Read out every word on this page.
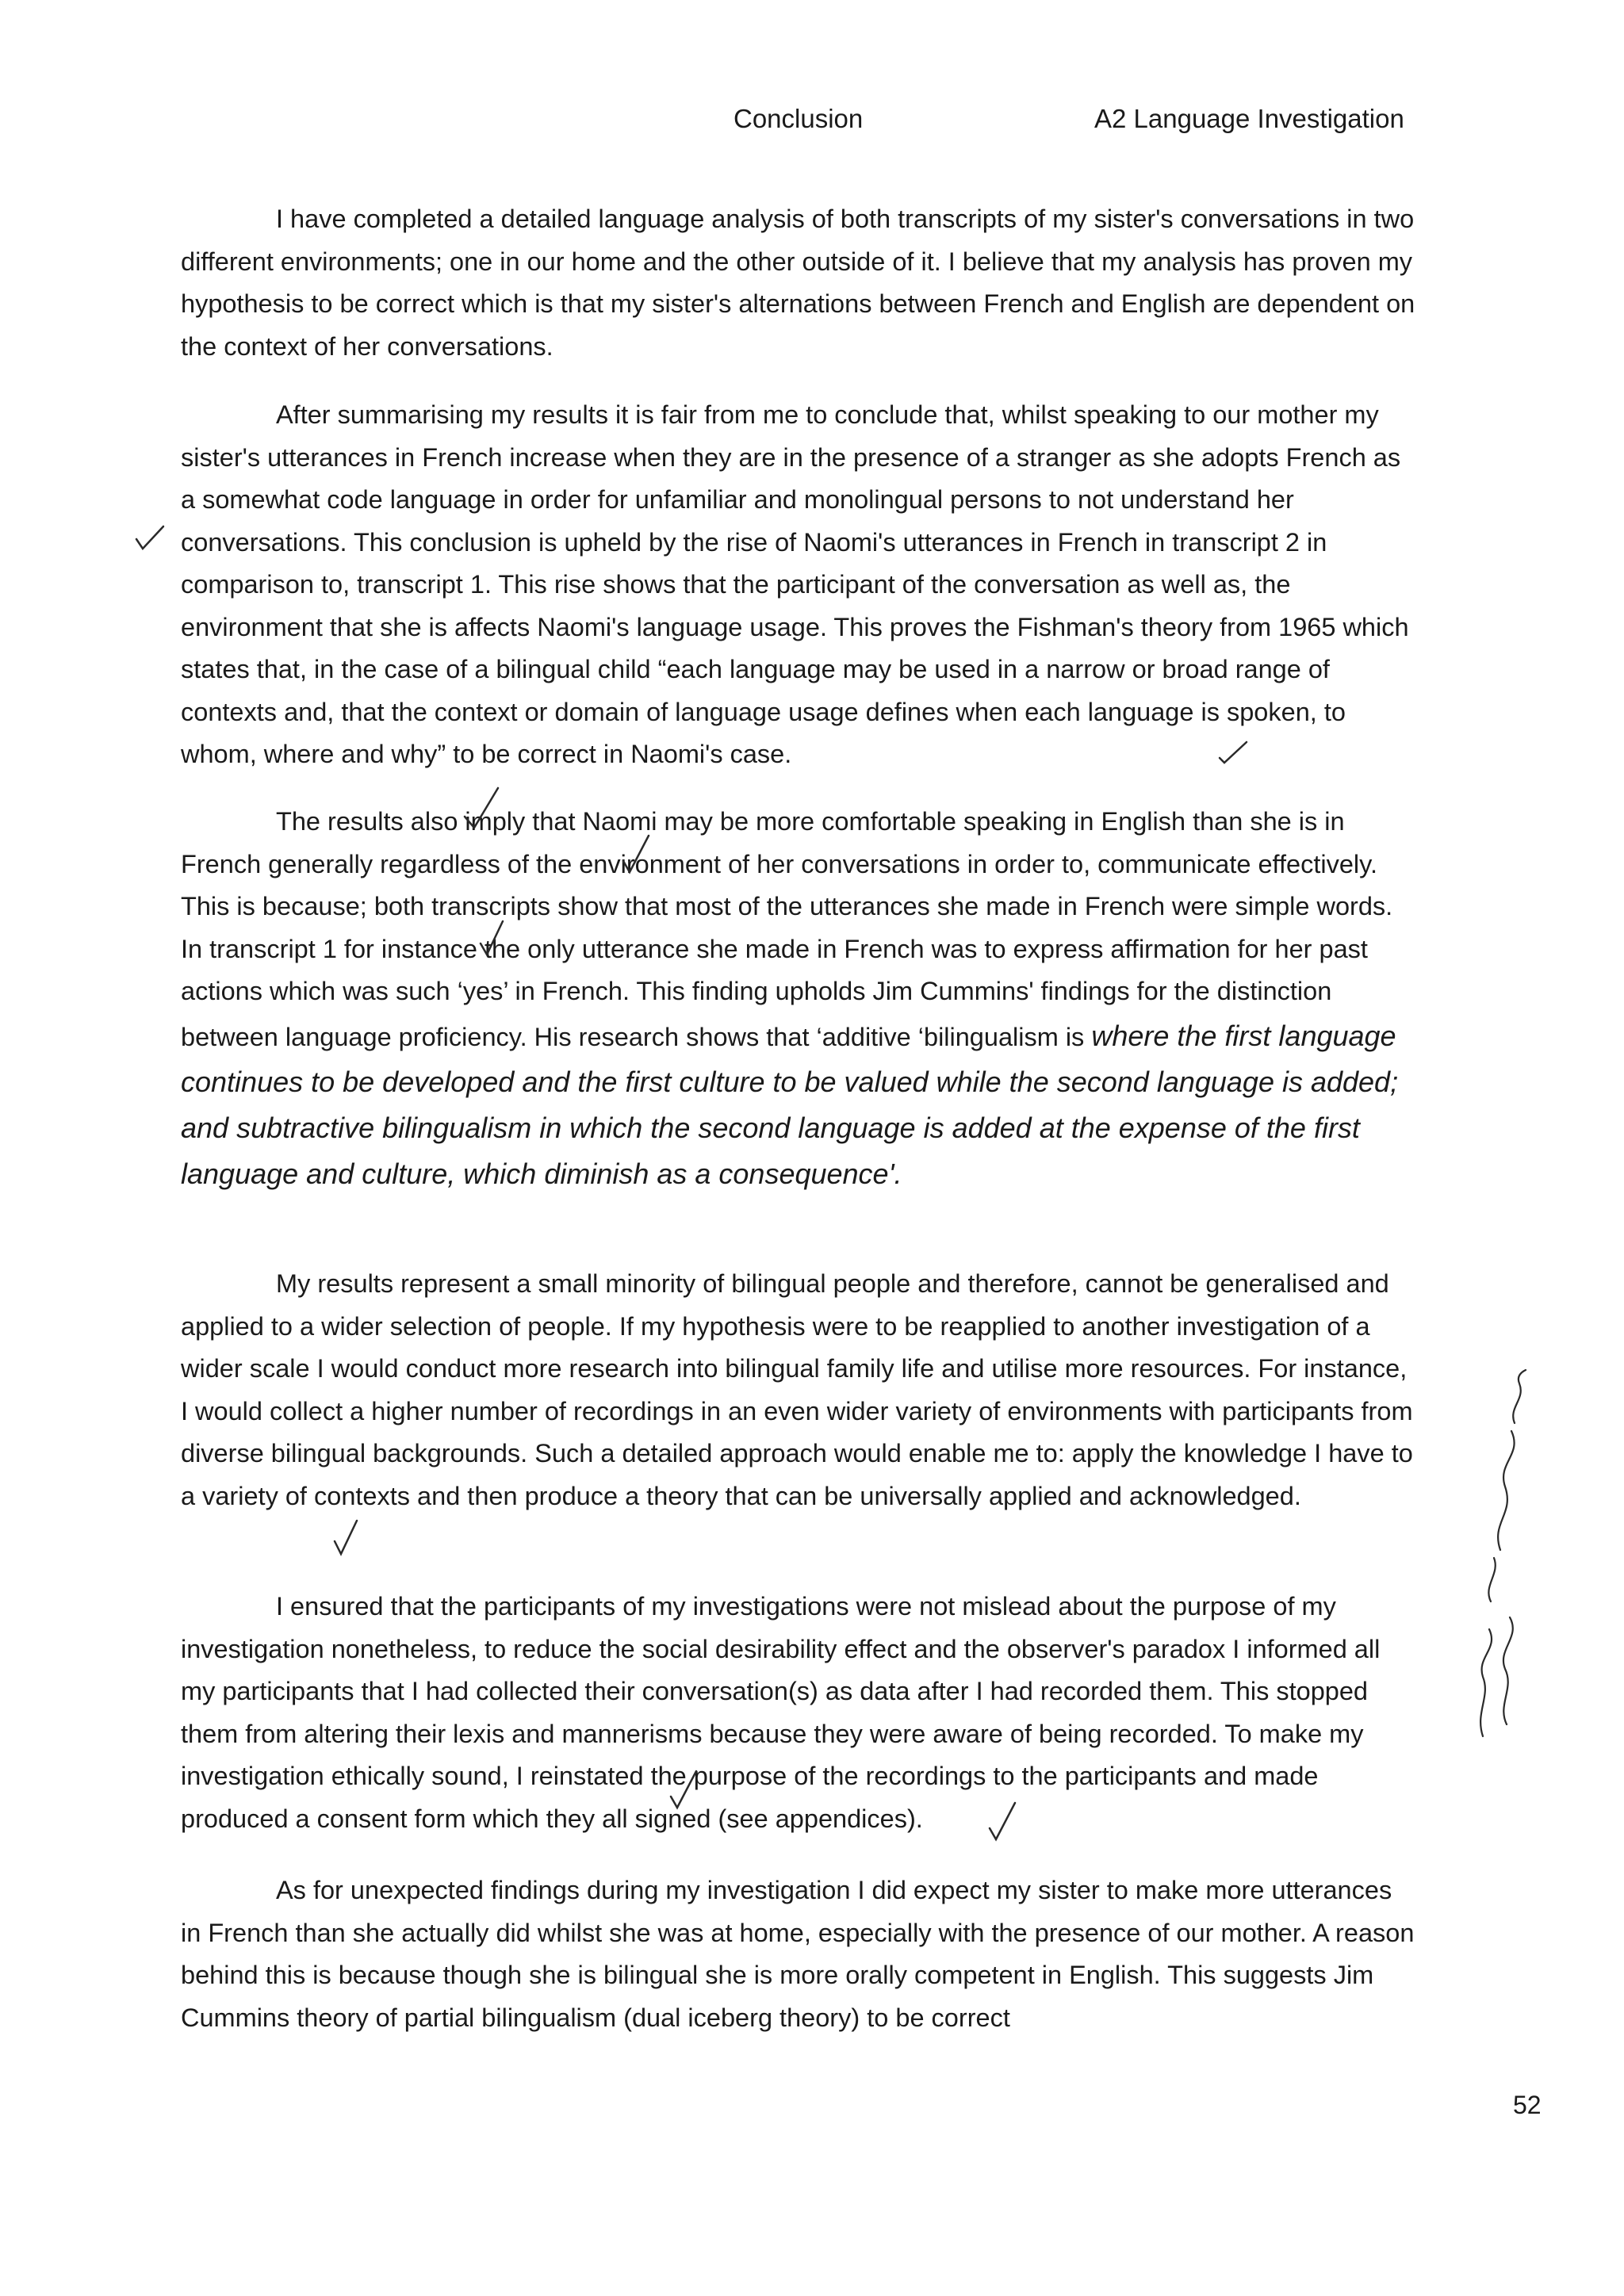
Conclusion	A2 Language Investigation

I have completed a detailed language analysis of both transcripts of my sister's conversations in two different environments; one in our home and the other outside of it. I believe that my analysis has proven my hypothesis to be correct which is that my sister's alternations between French and English are dependent on the context of her conversations.

After summarising my results it is fair from me to conclude that, whilst speaking to our mother my sister's utterances in French increase when they are in the presence of a stranger as she adopts French as a somewhat code language in order for unfamiliar and monolingual persons to not understand her conversations. This conclusion is upheld by the rise of Naomi's utterances in French in transcript 2 in comparison to, transcript 1. This rise shows that the participant of the conversation as well as, the environment that she is affects Naomi's language usage. This proves the Fishman's theory from 1965 which states that, in the case of a bilingual child “each language may be used in a narrow or broad range of contexts and, that the context or domain of language usage defines when each language is spoken, to whom, where and why” to be correct in Naomi's case.

The results also imply that Naomi may be more comfortable speaking in English than she is in French generally regardless of the environment of her conversations in order to, communicate effectively. This is because; both transcripts show that most of the utterances she made in French were simple words. In transcript 1 for instance the only utterance she made in French was to express affirmation for her past actions which was such ‘yes’ in French. This finding upholds Jim Cummins' findings for the distinction between language proficiency. His research shows that ‘additive ‘bilingualism is where the first language continues to be developed and the first culture to be valued while the second language is added; and subtractive bilingualism in which the second language is added at the expense of the first language and culture, which diminish as a consequence'.

My results represent a small minority of bilingual people and therefore, cannot be generalised and applied to a wider selection of people. If my hypothesis were to be reapplied to another investigation of a wider scale I would conduct more research into bilingual family life and utilise more resources. For instance, I would collect a higher number of recordings in an even wider variety of environments with participants from diverse bilingual backgrounds. Such a detailed approach would enable me to: apply the knowledge I have to a variety of contexts and then produce a theory that can be universally applied and acknowledged.

I ensured that the participants of my investigations were not mislead about the purpose of my investigation nonetheless, to reduce the social desirability effect and the observer's paradox I informed all my participants that I had collected their conversation(s) as data after I had recorded them. This stopped them from altering their lexis and mannerisms because they were aware of being recorded. To make my investigation ethically sound, I reinstated the purpose of the recordings to the participants and made produced a consent form which they all signed (see appendices).

As for unexpected findings during my investigation I did expect my sister to make more utterances in French than she actually did whilst she was at home, especially with the presence of our mother. A reason behind this is because though she is bilingual she is more orally competent in English. This suggests Jim Cummins theory of partial bilingualism (dual iceberg theory) to be correct

52
